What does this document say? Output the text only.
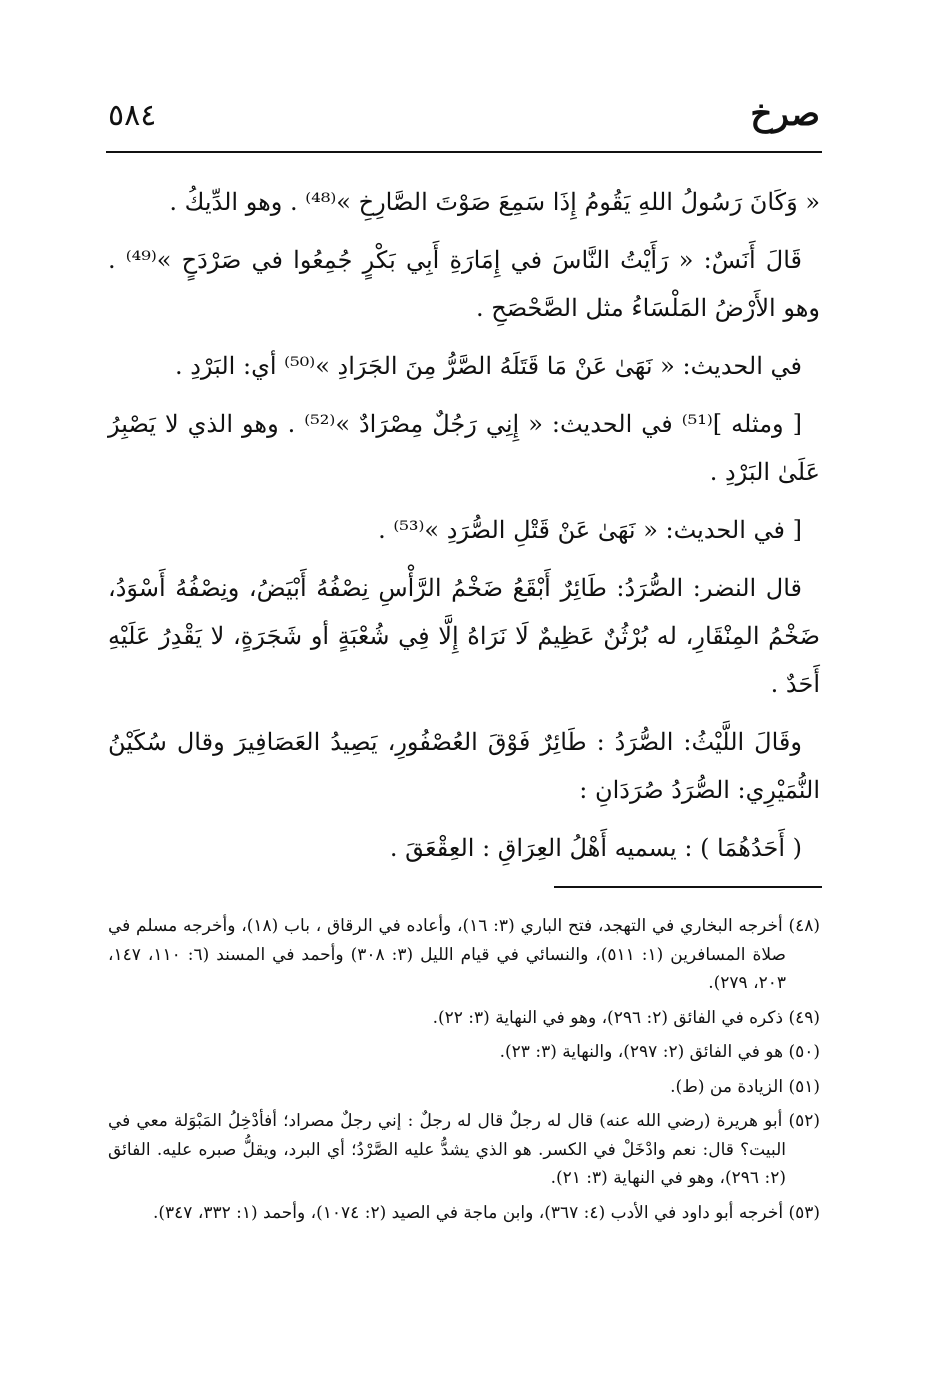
صرخ
٥٨٤

« وَكَانَ رَسُولُ اللهِ يَقُومُ إِذَا سَمِعَ صَوْتَ الصَّارِخِ »⁽⁴⁸⁾ . وهو الدِّيكُ .

قَالَ أَنَسٌ: « رَأَيْتُ النَّاسَ في إِمَارَةِ أَبِي بَكْرٍ جُمِعُوا في صَرْدَحٍ »⁽⁴⁹⁾ . وهو الأَرْضُ المَلْسَاءُ مثل الصَّحْصَحِ .

في الحديث: « نَهَىٰ عَنْ مَا قَتَلَهُ الصَّرُّ مِنَ الجَرَادِ »⁽⁵⁰⁾ أي: البَرْدِ .

[ ومثله ]⁽⁵¹⁾ في الحديث: « إِنِي رَجُلٌ مِصْرَادٌ »⁽⁵²⁾ . وهو الذي لا يَصْبِرُ عَلَىٰ البَرْدِ .

[ في الحديث: « نَهَىٰ عَنْ قَتْلِ الصُّرَدِ »⁽⁵³⁾ .

قال النضر: الصُّرَدُ: طَائِرٌ أَبْقَعُ ضَخْمُ الرَّأْسِ نِصْفُهُ أَبْيَضُ، ونِصْفُهُ أَسْوَدُ، ضَخْمُ المِنْقَارِ، له بُرْثُنٌ عَظِيمٌ لَا نَرَاهُ إِلَّا فِي شُعْبَةٍ أو شَجَرَةٍ، لا يَقْدِرُ عَلَيْهِ أَحَدٌ .

وقَالَ اللَّيْثُ: الصُّرَدُ : طَائِرٌ فَوْقَ العُصْفُورِ، يَصِيدُ العَصَافِيرَ وقال سُكَيْنُ النُّمَيْرِي: الصُّرَدُ صُرَدَانِ :

( أَحَدُهُمَا ) : يسميه أَهْلُ العِرَاقِ : العِقْعَقَ .

(٤٨) أخرجه البخاري في التهجد، فتح الباري (٣: ١٦)، وأعاده في الرقاق ، باب (١٨)، وأخرجه مسلم في صلاة المسافرين (١: ٥١١)، والنسائي في قيام الليل (٣: ٣٠٨) وأحمد في المسند (٦: ١١٠، ١٤٧، ٢٠٣، ٢٧٩).

(٤٩) ذكره في الفائق (٢: ٢٩٦)، وهو في النهاية (٣: ٢٢).

(٥٠) هو في الفائق (٢: ٢٩٧)، والنهاية (٣: ٢٣).

(٥١) الزيادة من (ط).

(٥٢) أبو هريرة (رضي الله عنه) قال له رجلٌ قال له رجلٌ : إني رجلٌ مصراد؛ أفأدْخِلُ المَبْوَلة معي في البيت؟ قال: نعم وادْخَلْ في الكسر. هو الذي يشدُّ عليه الصَّرْدُ؛ أي البرد، ويقلُّ صبره عليه. الفائق (٢: ٢٩٦)، وهو في النهاية (٣: ٢١).

(٥٣) أخرجه أبو داود في الأدب (٤: ٣٦٧)، وابن ماجة في الصيد (٢: ١٠٧٤)، وأحمد (١: ٣٣٢، ٣٤٧).
